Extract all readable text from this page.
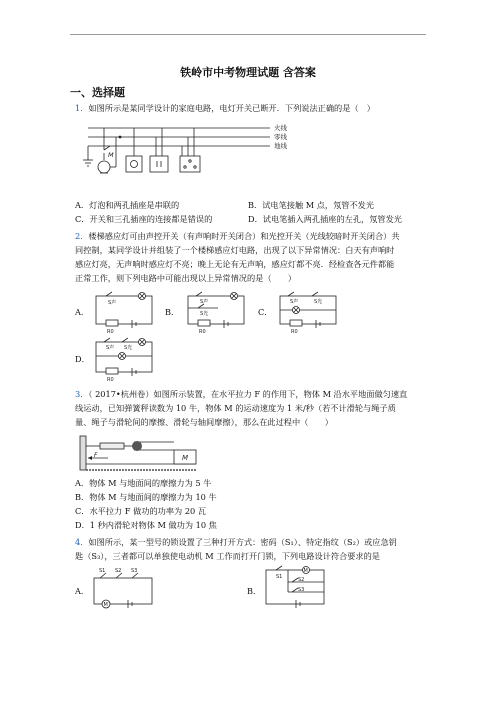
铁岭市中考物理试题 含答案
一、选择题
1．如图所示是某同学设计的家庭电路，电灯开关已断开．下列说法正确的是（　）
M
火线
零线
地线
A．灯泡和两孔插座是串联的	B．试电笔接触 M 点，氖管不发光
C．开关和三孔插座的连接都是错误的	D．试电笔插入两孔插座的左孔，氖管发光
2．楼梯感应灯可由声控开关（有声响时开关闭合）和光控开关（光线较暗时开关闭合）共
同控制，某同学设计并组装了一个楼梯感应灯电路，出现了以下异常情况：白天有声响时
感应灯亮，无声响时感应灯不亮；晚上无论有无声响，感应灯都不亮．经检查各元件都能
正常工作，则下列电路中可能出现以上异常情况的是（　　）
A．
S声
R0
B．
S声
S光
R0
C．
S声	S光
R0
D．
S声 S光
R0
3．（ 2017•杭州卷）如图所示装置，在水平拉力 F 的作用下，物体 M 沿水平地面做匀速直
线运动，已知弹簧秤读数为 10 牛，物体 M 的运动速度为 1 米/秒（若不计滑轮与绳子质
量、绳子与滑轮间的摩擦、滑轮与轴间摩擦），那么在此过程中（　　）
F	M
A．物体 M 与地面间的摩擦力为 5 牛
B．物体 M 与地面间的摩擦力为 10 牛
C．水平拉力 F 做功的功率为 20 瓦
D．1 秒内滑轮对物体 M 做功为 10 焦
4．如图所示，某一型号的锁设置了三种打开方式：密码（S₁）、特定指纹（S₂）或应急钥
匙（S₃），三者都可以单独使电动机 M 工作而打开门锁，下列电路设计符合要求的是
A．
S1 S2 S3
M
B．
S1
M
S2
S3
